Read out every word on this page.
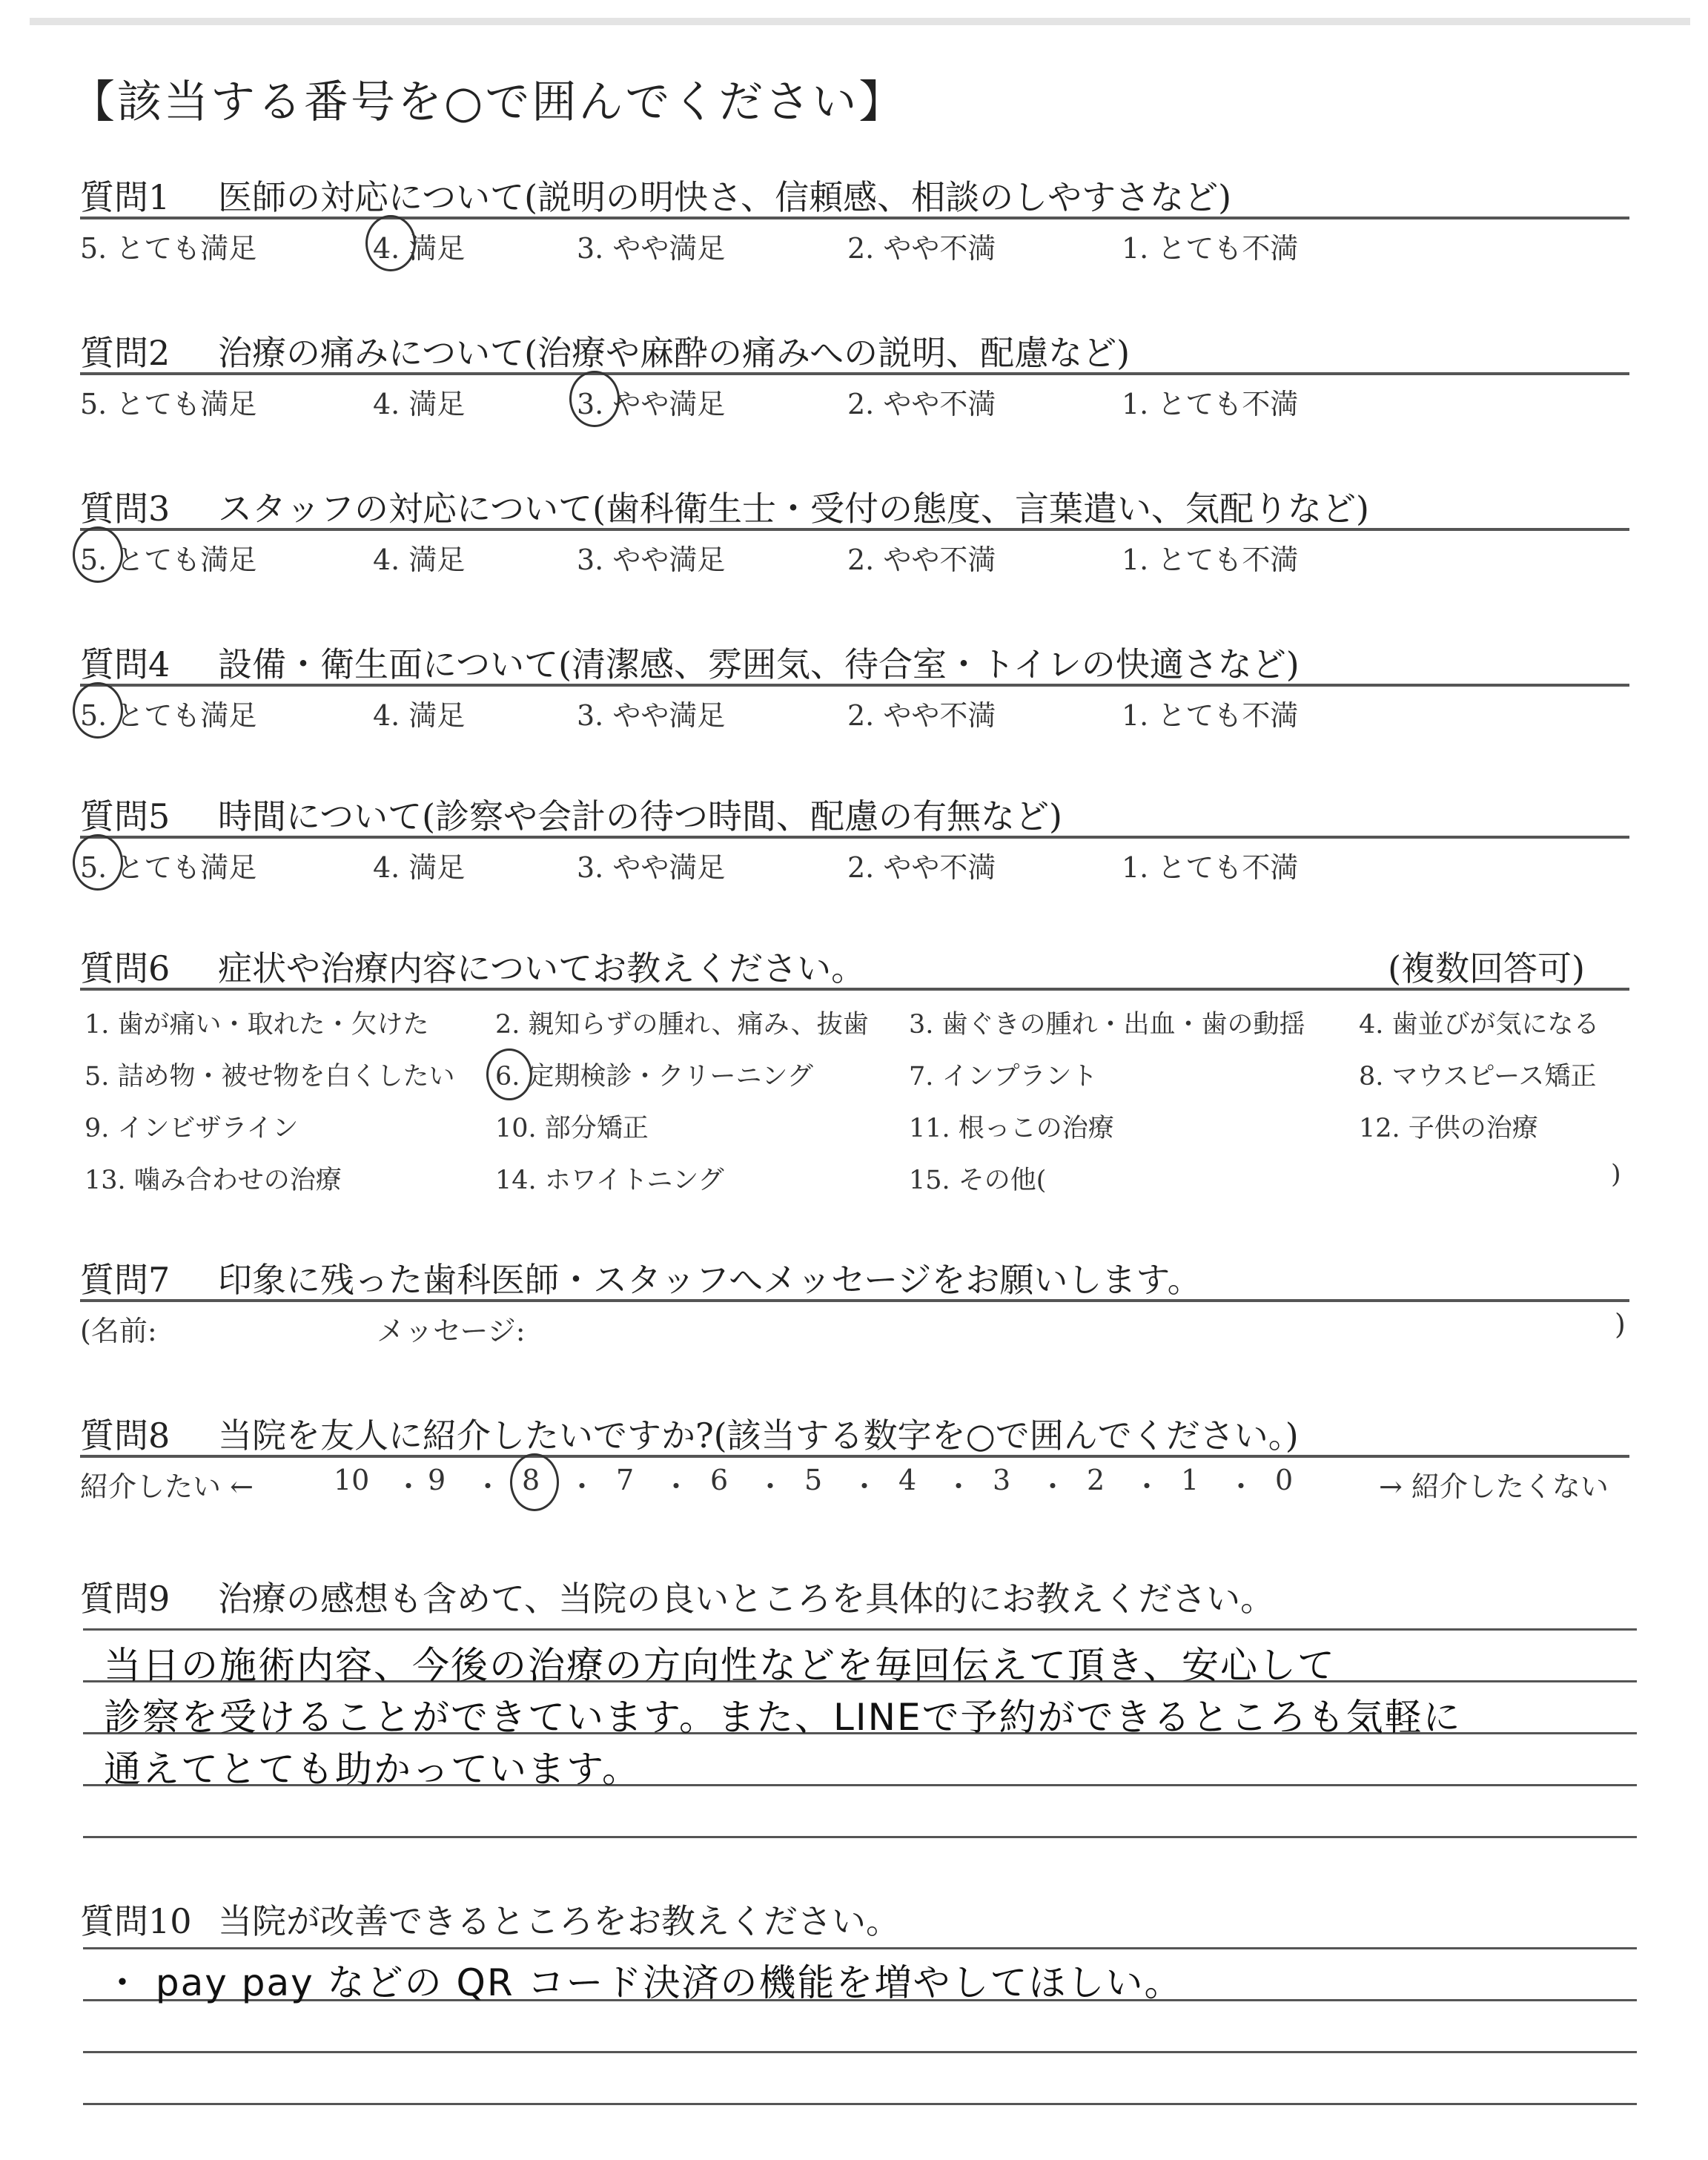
【該当する番号を○で囲んでください】
質問1 医師の対応について(説明の明快さ、信頼感、相談のしやすさなど)
5. とても満足	4. 満足	3. やや満足	2. やや不満	1. とても不満
質問2 治療の痛みについて(治療や麻酔の痛みへの説明、配慮など)
5. とても満足	4. 満足	3. やや満足	2. やや不満	1. とても不満
質問3 スタッフの対応について(歯科衛生士・受付の態度、言葉遣い、気配りなど)
5. とても満足	4. 満足	3. やや満足	2. やや不満	1. とても不満
質問4 設備・衛生面について(清潔感、雰囲気、待合室・トイレの快適さなど)
5. とても満足	4. 満足	3. やや満足	2. やや不満	1. とても不満
質問5 時間について(診察や会計の待つ時間、配慮の有無など)
5. とても満足	4. 満足	3. やや満足	2. やや不満	1. とても不満
質問6 症状や治療内容についてお教えください。	(複数回答可)
1. 歯が痛い・取れた・欠けた	2. 親知らずの腫れ、痛み、抜歯 3. 歯ぐきの腫れ・出血・歯の動揺 4. 歯並びが気になる
5. 詰め物・被せ物を白くしたい 6. 定期検診・クリーニング	7. インプラント	8. マウスピース矯正
9. インビザライン	10. 部分矯正	11. 根っこの治療	12. 子供の治療
13. 噛み合わせの治療	14. ホワイトニング	15. その他(	)
質問7 印象に残った歯科医師・スタッフへメッセージをお願いします。
(名前:	メッセージ:	)
質問8 当院を友人に紹介したいですか?(該当する数字を○で囲んでください。)
紹介したい ←	→ 紹介したくない
10 ・ 9 ・ 8 ・ 7 ・ 6 ・ 5 ・ 4 ・ 3 ・ 2 ・ 1 ・ 0
質問9 治療の感想も含めて、当院の良いところを具体的にお教えください。
当日の施術内容、今後の治療の方向性などを毎回伝えて頂き、安心して
診察を受けることができています。また、LINEで予約ができるところも気軽に
通えてとても助かっています。
質問10 当院が改善できるところをお教えください。
・ pay pay などの QR コード決済の機能を増やしてほしい。
